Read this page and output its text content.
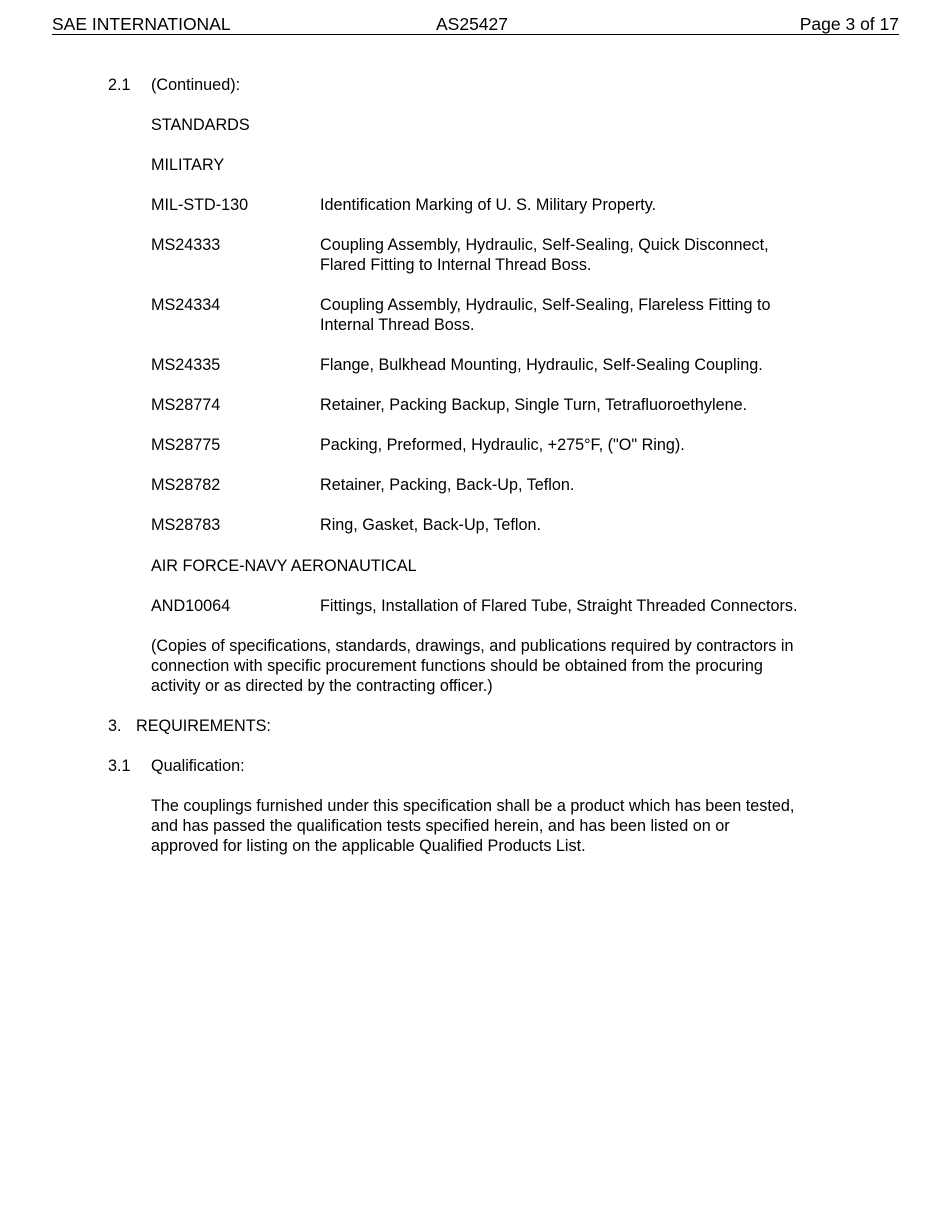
SAE INTERNATIONAL	AS25427	Page 3 of 17
2.1 (Continued):
STANDARDS
MILITARY
MIL-STD-130	Identification Marking of U. S. Military Property.
MS24333	Coupling Assembly, Hydraulic, Self-Sealing, Quick Disconnect,
Flared Fitting to Internal Thread Boss.
MS24334	Coupling Assembly, Hydraulic, Self-Sealing, Flareless Fitting to
Internal Thread Boss.
MS24335	Flange, Bulkhead Mounting, Hydraulic, Self-Sealing Coupling.
MS28774	Retainer, Packing Backup, Single Turn, Tetrafluoroethylene.
MS28775	Packing, Preformed, Hydraulic, +275°F, ("O" Ring).
MS28782	Retainer, Packing, Back-Up, Teflon.
MS28783	Ring, Gasket, Back-Up, Teflon.
AIR FORCE-NAVY AERONAUTICAL
AND10064	Fittings, Installation of Flared Tube, Straight Threaded Connectors.
(Copies of specifications, standards, drawings, and publications required by contractors in
connection with specific procurement functions should be obtained from the procuring
activity or as directed by the contracting officer.)
3. REQUIREMENTS:
3.1 Qualification:
The couplings furnished under this specification shall be a product which has been tested,
and has passed the qualification tests specified herein, and has been listed on or
approved for listing on the applicable Qualified Products List.
